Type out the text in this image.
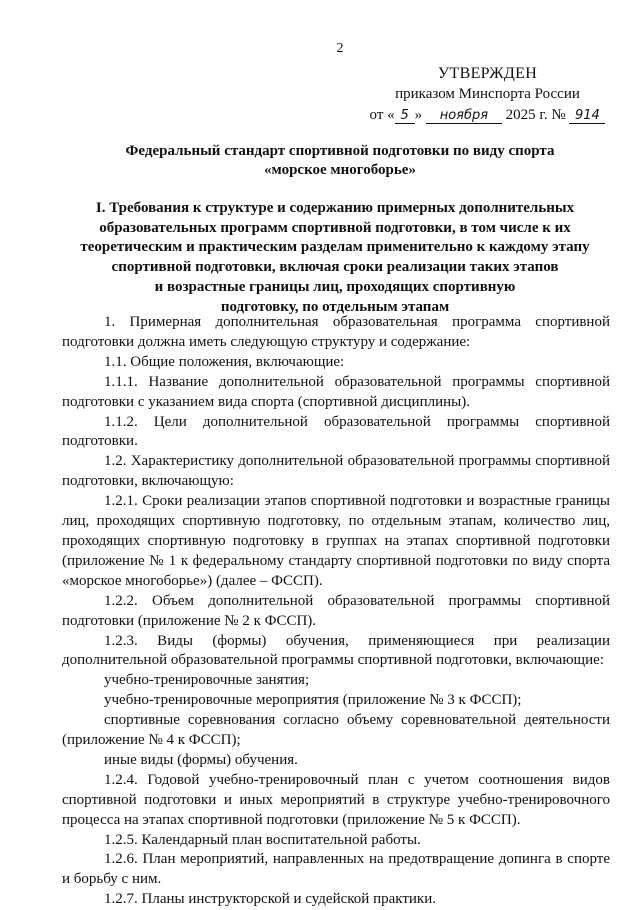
2
УТВЕРЖДЕН
приказом Минспорта России
от « 5 » ноября 2025 г. № 914
Федеральный стандарт спортивной подготовки по виду спорта
«морское многоборье»
I. Требования к структуре и содержанию примерных дополнительных
образовательных программ спортивной подготовки, в том числе к их
теоретическим и практическим разделам применительно к каждому этапу
спортивной подготовки, включая сроки реализации таких этапов
и возрастные границы лиц, проходящих спортивную
подготовку, по отдельным этапам

1. Примерная дополнительная образовательная программа спортивной подготовки должна иметь следующую структуру и содержание:

1.1. Общие положения, включающие:

1.1.1. Название дополнительной образовательной программы спортивной подготовки с указанием вида спорта (спортивной дисциплины).

1.1.2. Цели дополнительной образовательной программы спортивной подготовки.

1.2. Характеристику дополнительной образовательной программы спортивной подготовки, включающую:

1.2.1. Сроки реализации этапов спортивной подготовки и возрастные границы лиц, проходящих спортивную подготовку, по отдельным этапам, количество лиц, проходящих спортивную подготовку в группах на этапах спортивной подготовки (приложение № 1 к федеральному стандарту спортивной подготовки по виду спорта «морское многоборье») (далее – ФССП).

1.2.2. Объем дополнительной образовательной программы спортивной подготовки (приложение № 2 к ФССП).

1.2.3. Виды (формы) обучения, применяющиеся при реализации дополнительной образовательной программы спортивной подготовки, включающие:

учебно-тренировочные занятия;

учебно-тренировочные мероприятия (приложение № 3 к ФССП);

спортивные соревнования согласно объему соревновательной деятельности (приложение № 4 к ФССП);

иные виды (формы) обучения.

1.2.4. Годовой учебно-тренировочный план с учетом соотношения видов спортивной подготовки и иных мероприятий в структуре учебно-тренировочного процесса на этапах спортивной подготовки (приложение № 5 к ФССП).

1.2.5. Календарный план воспитательной работы.

1.2.6. План мероприятий, направленных на предотвращение допинга в спорте и борьбу с ним.

1.2.7. Планы инструкторской и судейской практики.
